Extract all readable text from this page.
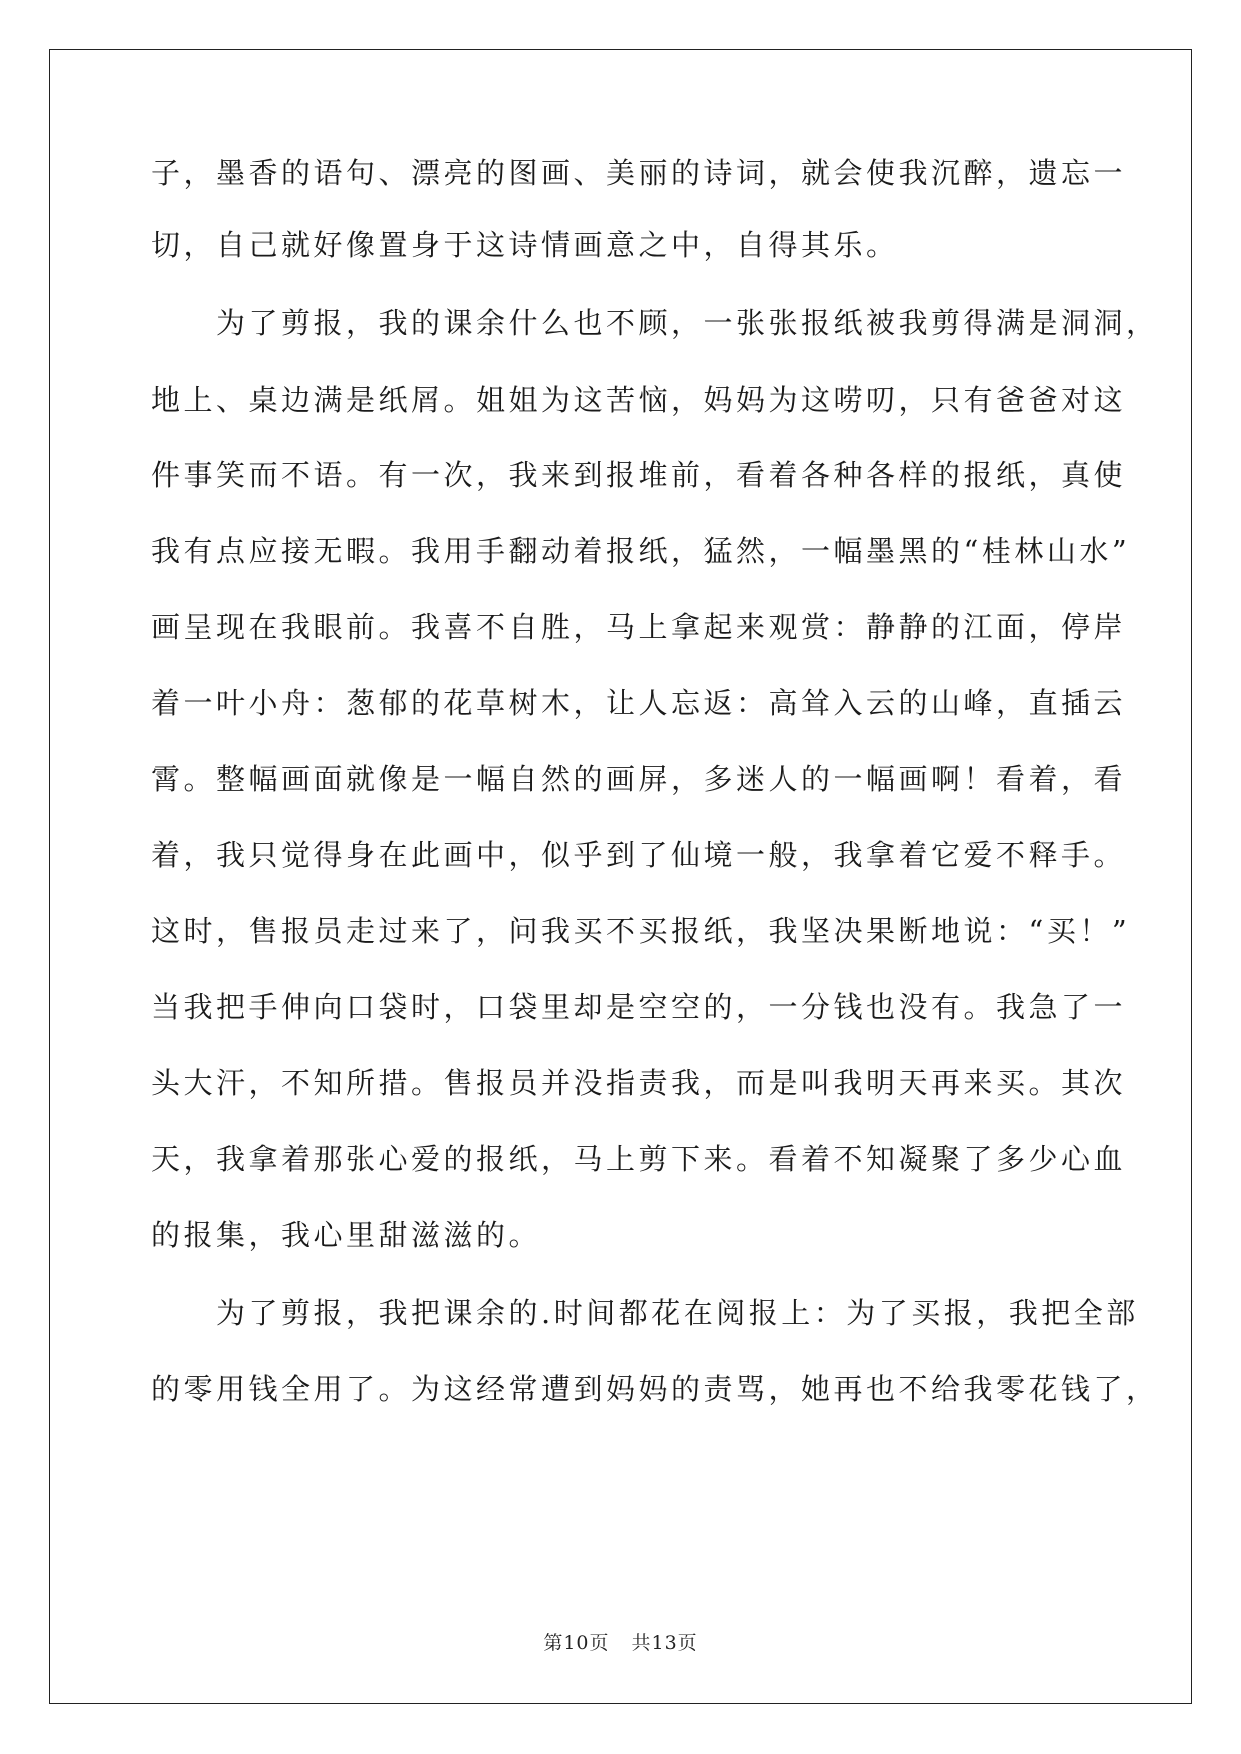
子，墨香的语句、漂亮的图画、美丽的诗词，就会使我沉醉，遗忘一
切，自己就好像置身于这诗情画意之中，自得其乐。
　　为了剪报，我的课余什么也不顾，一张张报纸被我剪得满是洞洞，
地上、桌边满是纸屑。姐姐为这苦恼，妈妈为这唠叨，只有爸爸对这
件事笑而不语。有一次，我来到报堆前，看着各种各样的报纸，真使
我有点应接无暇。我用手翻动着报纸，猛然，一幅墨黑的“桂林山水”
画呈现在我眼前。我喜不自胜，马上拿起来观赏：静静的江面，停岸
着一叶小舟：葱郁的花草树木，让人忘返：高耸入云的山峰，直插云
霄。整幅画面就像是一幅自然的画屏，多迷人的一幅画啊！看着，看
着，我只觉得身在此画中，似乎到了仙境一般，我拿着它爱不释手。
这时，售报员走过来了，问我买不买报纸，我坚决果断地说：“买！”
当我把手伸向口袋时，口袋里却是空空的，一分钱也没有。我急了一
头大汗，不知所措。售报员并没指责我，而是叫我明天再来买。其次
天，我拿着那张心爱的报纸，马上剪下来。看着不知凝聚了多少心血
的报集，我心里甜滋滋的。
　　为了剪报，我把课余的.时间都花在阅报上：为了买报，我把全部
的零用钱全用了。为这经常遭到妈妈的责骂，她再也不给我零花钱了，
第10页 共13页
